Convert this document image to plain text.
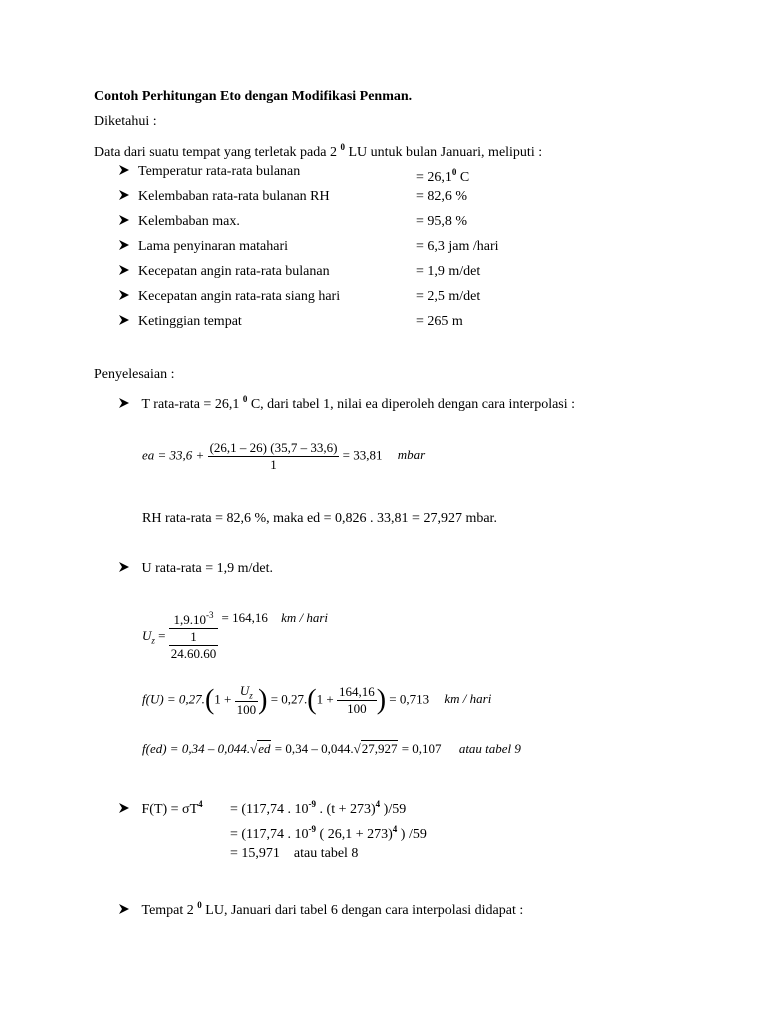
Contoh Perhitungan Eto dengan Modifikasi Penman.
Diketahui :
Data dari suatu tempat yang terletak pada 2 $^0$ LU untuk bulan Januari, meliputi :
Temperatur rata-rata bulanan	= $26,1^0$ C
Kelembaban rata-rata bulanan RH	= 82,6 %
Kelembaban max.	= 95,8 %
Lama penyinaran matahari	= 6,3 jam /hari
Kecepatan angin rata-rata bulanan	= 1,9 m/det
Kecepatan angin rata-rata siang hari	= 2,5 m/det
Ketinggian tempat	= 265 m
Penyelesaian :
T rata-rata = 26,1 $^0$ C, dari tabel 1, nilai ea diperoleh dengan cara interpolasi :
ea = $33,6 + \frac{(26,1 - 26) (35,7 - 33,6)}{1} = 33,81$ mbar
RH rata-rata = 82,6 %, maka ed = 0,826 . 33,81 = 27,927 mbar.
U rata-rata = 1,9 m/det.
$U_z$ =
$1,9.10^{-3}$
1
24.60.60
= 164,16 km / hari
$f(U) = 0,27.(1 + \frac{U_z}{100}$ ) = $0,27.(1 + \frac{164,16}{100}$ ) = 0,713 km / hari
f(ed) = 0,34 – 0,044.√ed = 0,34 – 0,044.√27,927 = 0,107 atau tabel 9
$F(T) = \sigma T^4 = (117,74$ . $10^{-9}$ . $(t + 273)^4$ )/59
= (117,74 . $10^{-9}$ ( 26,1 + 273)$^4$ ) /59
= 15,971    atau tabel 8
Tempat 2 $^0$ LU, Januari dari tabel 6 dengan cara interpolasi didapat :
